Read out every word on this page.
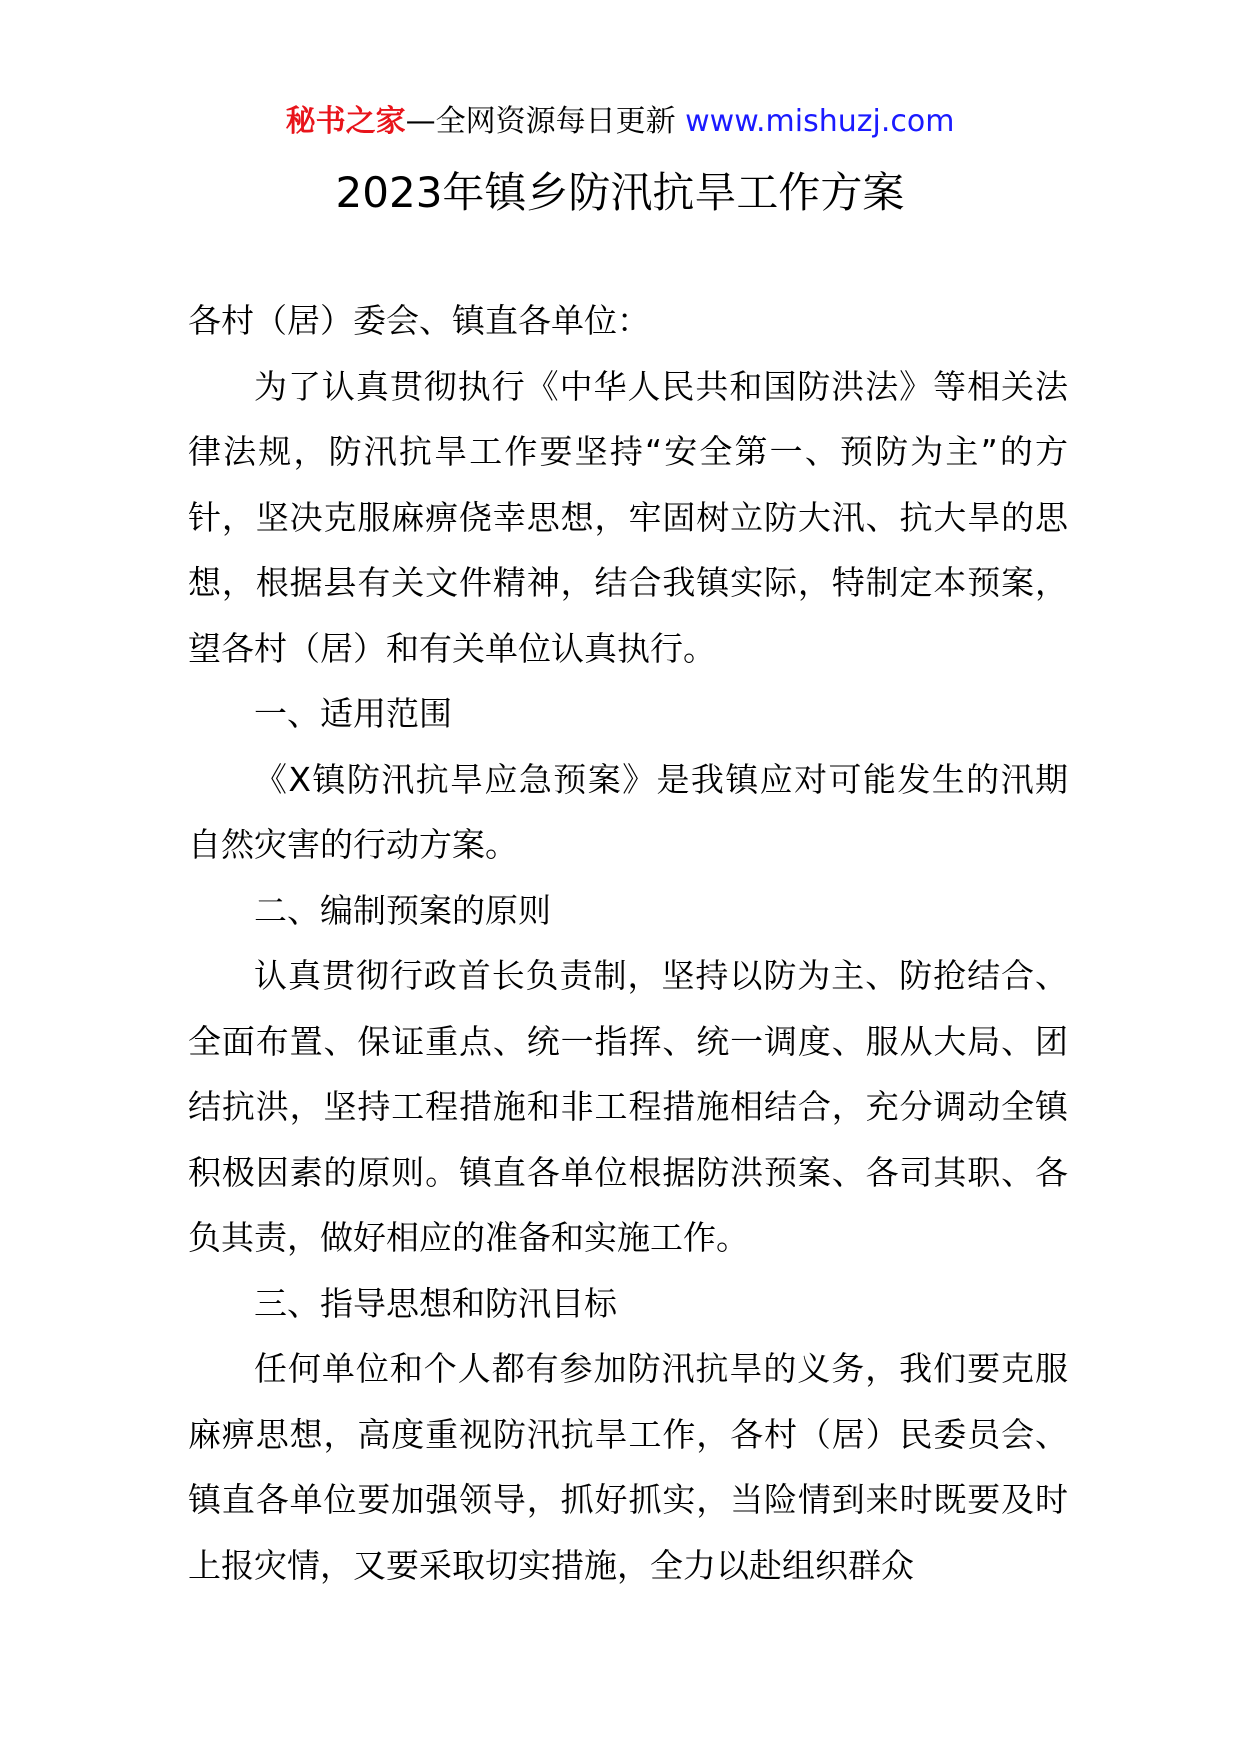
秘书之家—全网资源每日更新 www.mishuzj.com
2023年镇乡防汛抗旱工作方案

各村（居）委会、镇直各单位：

为了认真贯彻执行《中华人民共和国防洪法》等相关法律法规，防汛抗旱工作要坚持“安全第一、预防为主”的方针，坚决克服麻痹侥幸思想，牢固树立防大汛、抗大旱的思想，根据县有关文件精神，结合我镇实际，特制定本预案，望各村（居）和有关单位认真执行。

一、适用范围

《X镇防汛抗旱应急预案》是我镇应对可能发生的汛期自然灾害的行动方案。

二、编制预案的原则

认真贯彻行政首长负责制，坚持以防为主、防抢结合、全面布置、保证重点、统一指挥、统一调度、服从大局、团结抗洪，坚持工程措施和非工程措施相结合，充分调动全镇积极因素的原则。镇直各单位根据防洪预案、各司其职、各负其责，做好相应的准备和实施工作。

三、指导思想和防汛目标

任何单位和个人都有参加防汛抗旱的义务，我们要克服麻痹思想，高度重视防汛抗旱工作，各村（居）民委员会、镇直各单位要加强领导，抓好抓实，当险情到来时既要及时上报灾情，又要采取切实措施，全力以赴组织群众
